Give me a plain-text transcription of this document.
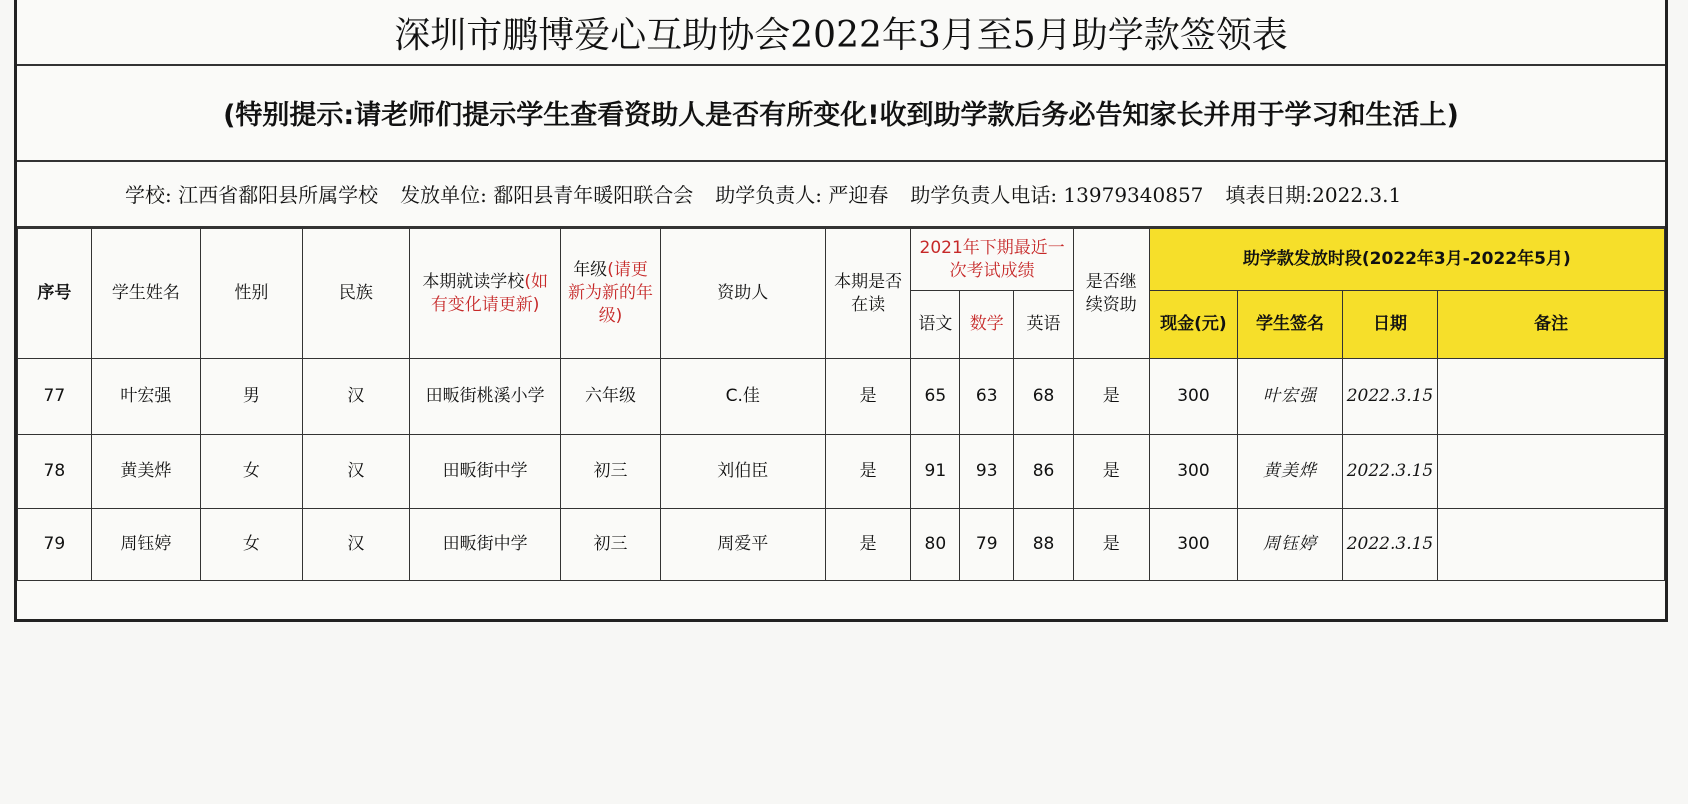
深圳市鹏博爱心互助协会2022年3月至5月助学款签领表
(特别提示:请老师们提示学生查看资助人是否有所变化!收到助学款后务必告知家长并用于学习和生活上)
学校: 江西省鄱阳县所属学校 发放单位: 鄱阳县青年暖阳联合会 助学负责人: 严迎春 助学负责人电话: 13979340857 填表日期:2022.3.1
序号	学生姓名	性别	民族	本期就读学校(如有变化请更新)	年级(请更新为新的年级)	资助人	本期是否在读	2021年下期最近一次考试成绩			是否继续资助	助学款发放时段(2022年3月-2022年5月)			
								语文	数学	英语		现金(元)	学生签名	日期	备注
77	叶宏强	男	汉	田畈街桃溪小学	六年级	C.佳	是	65	63	68	是	300	叶宏强	2022.3.15	
78	黄美烨	女	汉	田畈街中学	初三	刘伯臣	是	91	93	86	是	300	黄美烨	2022.3.15	
79	周钰婷	女	汉	田畈街中学	初三	周爱平	是	80	79	88	是	300	周钰婷	2022.3.15	
